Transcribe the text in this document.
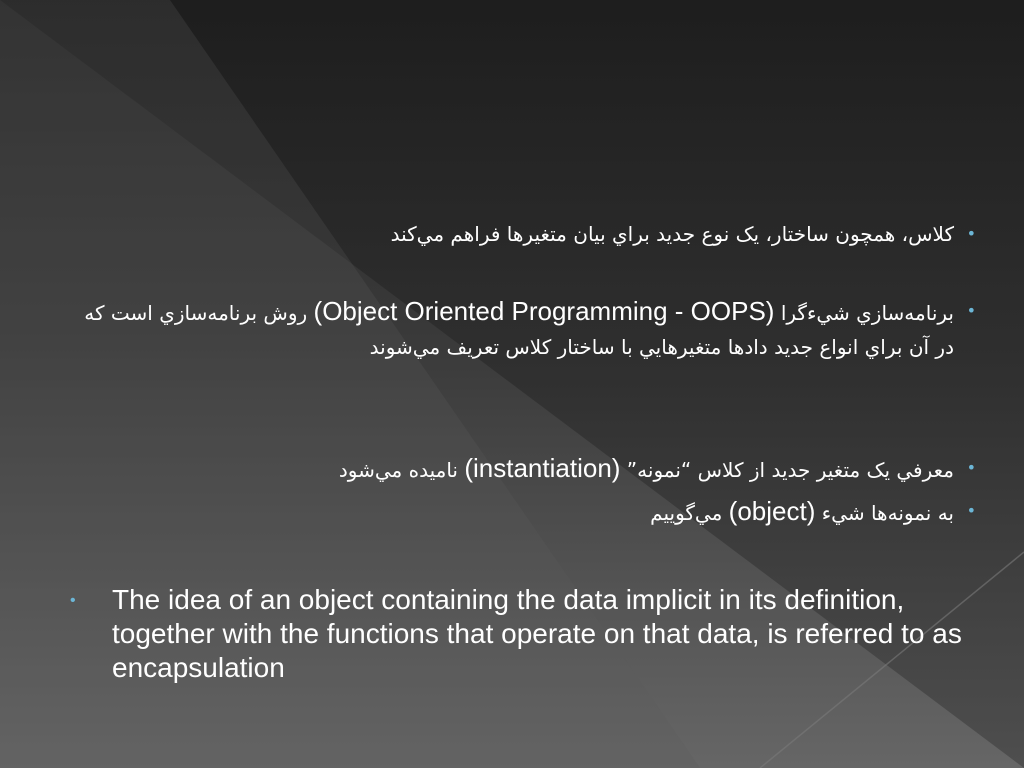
•
کلاس، همچون ساختار، يک نوع جديد براي بيان متغيرها فراهم مي‌کند
•
برنامه‌سازي شيءگرا (Object Oriented Programming - OOPS) روش برنامه‌سازي است که در آن براي انواع جديد دادها متغيرهايي با ساختار کلاس تعريف مي‌شوند
•
معرفي يک متغير جديد از کلاس “نمونه” (instantiation) ناميده مي‌شود
•
به نمونه‌ها شيء (object) مي‌گوييم
• The idea of an object containing the data implicit in its definition, together with the functions that operate on that data, is referred to as encapsulation
